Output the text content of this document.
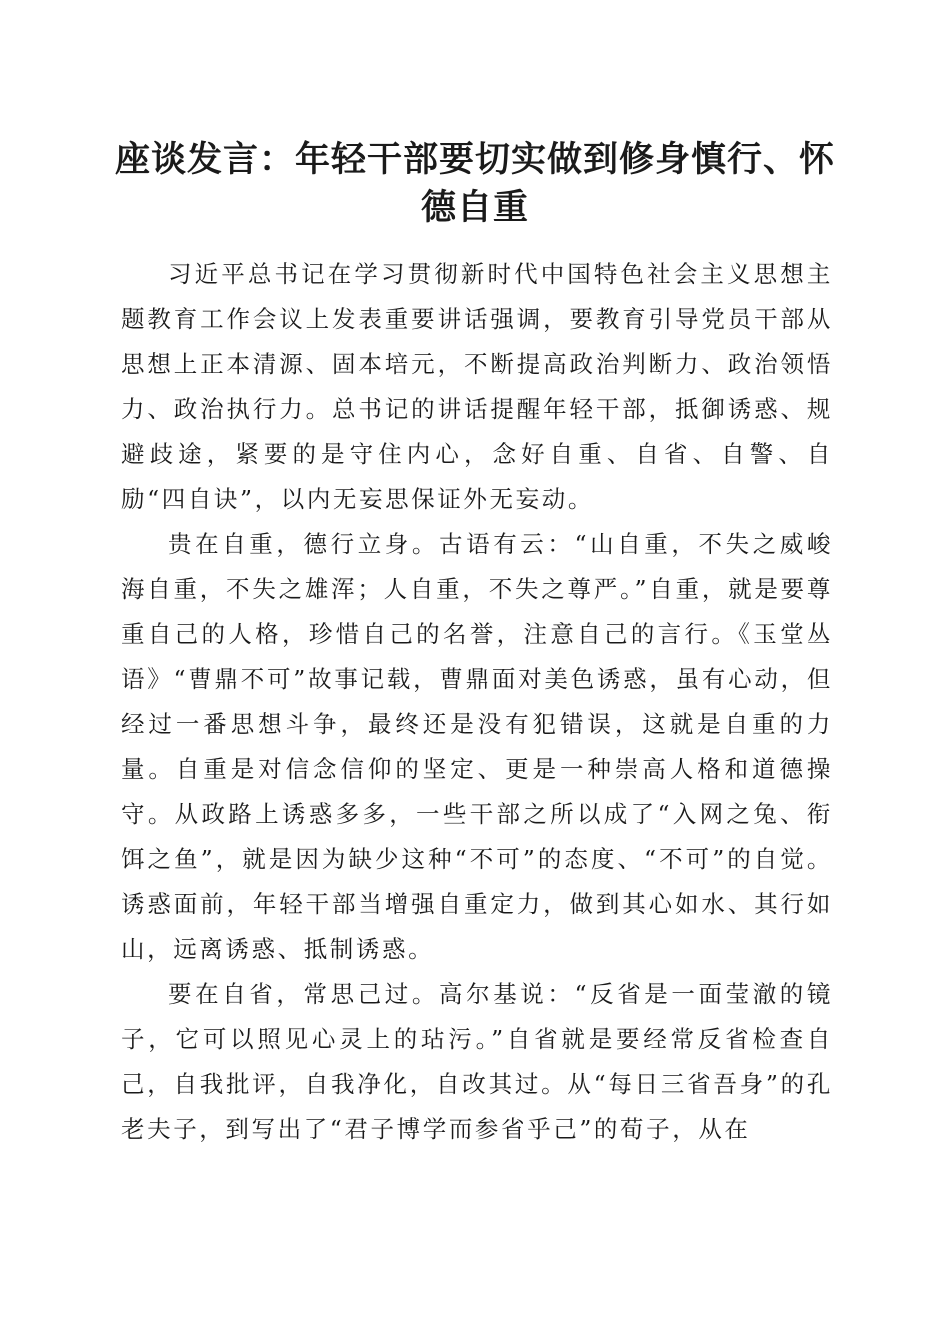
座谈发言：年轻干部要切实做到修身慎行、怀德自重

习近平总书记在学习贯彻新时代中国特色社会主义思想主题教育工作会议上发表重要讲话强调，要教育引导党员干部从思想上正本清源、固本培元，不断提高政治判断力、政治领悟力、政治执行力。总书记的讲话提醒年轻干部，抵御诱惑、规避歧途，紧要的是守住内心，念好自重、自省、自警、自励“四自诀”，以内无妄思保证外无妄动。

贵在自重，德行立身。古语有云：“山自重，不失之威峻海自重，不失之雄浑；人自重，不失之尊严。”自重，就是要尊重自己的人格，珍惜自己的名誉，注意自己的言行。《玉堂丛语》“曹鼎不可”故事记载，曹鼎面对美色诱惑，虽有心动，但经过一番思想斗争，最终还是没有犯错误，这就是自重的力量。自重是对信念信仰的坚定、更是一种崇高人格和道德操守。从政路上诱惑多多，一些干部之所以成了“入网之兔、衔饵之鱼”，就是因为缺少这种“不可”的态度、“不可”的自觉。诱惑面前，年轻干部当增强自重定力，做到其心如水、其行如山，远离诱惑、抵制诱惑。

要在自省，常思己过。高尔基说：“反省是一面莹澈的镜子，它可以照见心灵上的玷污。”自省就是要经常反省检查自己，自我批评，自我净化，自改其过。从“每日三省吾身”的孔老夫子，到写出了“君子博学而参省乎己”的荀子，从在
